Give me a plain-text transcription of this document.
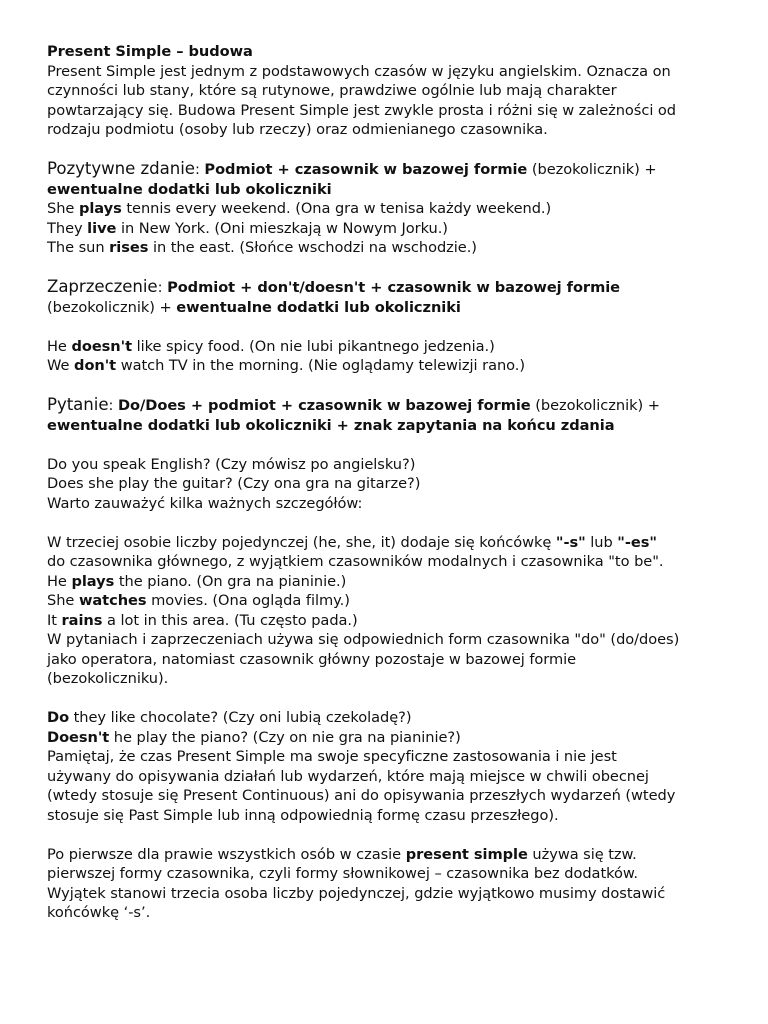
Present Simple – budowa
Present Simple jest jednym z podstawowych czasów w języku angielskim. Oznacza on
czynności lub stany, które są rutynowe, prawdziwe ogólnie lub mają charakter
powtarzający się. Budowa Present Simple jest zwykle prosta i różni się w zależności od
rodzaju podmiotu (osoby lub rzeczy) oraz odmienianego czasownika.
Pozytywne zdanie: Podmiot + czasownik w bazowej formie (bezokolicznik) +
ewentualne dodatki lub okoliczniki
She plays tennis every weekend. (Ona gra w tenisa każdy weekend.)
They live in New York. (Oni mieszkają w Nowym Jorku.)
The sun rises in the east. (Słońce wschodzi na wschodzie.)
Zaprzeczenie: Podmiot + don't/doesn't + czasownik w bazowej formie
(bezokolicznik) + ewentualne dodatki lub okoliczniki
He doesn't like spicy food. (On nie lubi pikantnego jedzenia.)
We don't watch TV in the morning. (Nie oglądamy telewizji rano.)
Pytanie: Do/Does + podmiot + czasownik w bazowej formie (bezokolicznik) +
ewentualne dodatki lub okoliczniki + znak zapytania na końcu zdania
Do you speak English? (Czy mówisz po angielsku?)
Does she play the guitar? (Czy ona gra na gitarze?)
Warto zauważyć kilka ważnych szczegółów:
W trzeciej osobie liczby pojedynczej (he, she, it) dodaje się końcówkę "-s" lub "-es"
do czasownika głównego, z wyjątkiem czasowników modalnych i czasownika "to be".
He plays the piano. (On gra na pianinie.)
She watches movies. (Ona ogląda filmy.)
It rains a lot in this area. (Tu często pada.)
W pytaniach i zaprzeczeniach używa się odpowiednich form czasownika "do" (do/does)
jako operatora, natomiast czasownik główny pozostaje w bazowej formie
(bezokoliczniku).
Do they like chocolate? (Czy oni lubią czekoladę?)
Doesn't he play the piano? (Czy on nie gra na pianinie?)
Pamiętaj, że czas Present Simple ma swoje specyficzne zastosowania i nie jest
używany do opisywania działań lub wydarzeń, które mają miejsce w chwili obecnej
(wtedy stosuje się Present Continuous) ani do opisywania przeszłych wydarzeń (wtedy
stosuje się Past Simple lub inną odpowiednią formę czasu przeszłego).
Po pierwsze dla prawie wszystkich osób w czasie present simple używa się tzw.
pierwszej formy czasownika, czyli formy słownikowej – czasownika bez dodatków.
Wyjątek stanowi trzecia osoba liczby pojedynczej, gdzie wyjątkowo musimy dostawić
końcówkę ‘-s’.
